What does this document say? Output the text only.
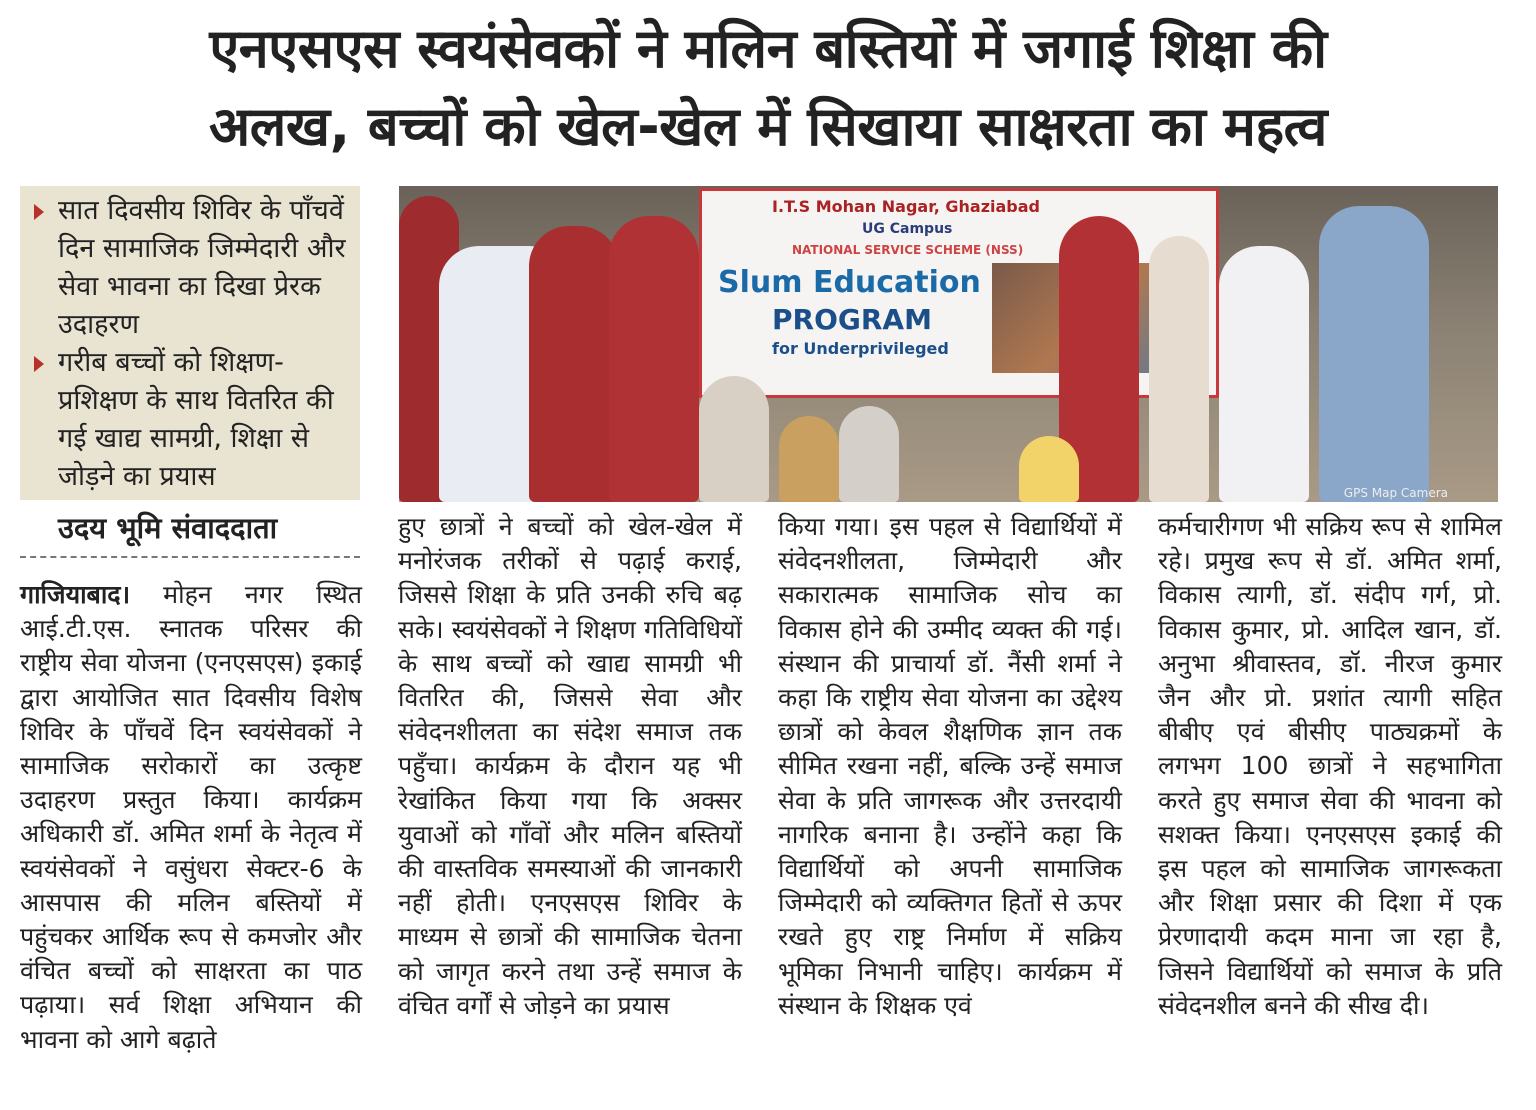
एनएसएस स्वयंसेवकों ने मलिन बस्तियों में जगाई शिक्षा की
अलख, बच्चों को खेल-खेल में सिखाया साक्षरता का महत्व
सात दिवसीय शिविर के पाँचवें दिन सामाजिक जिम्मेदारी और सेवा भावना का दिखा प्रेरक उदाहरण
गरीब बच्चों को शिक्षण-प्रशिक्षण के साथ वितरित की गई खाद्य सामग्री, शिक्षा से जोड़ने का प्रयास
उदय भूमि संवाददाता
I.T.S Mohan Nagar, Ghaziabad
UG Campus
NATIONAL SERVICE SCHEME (NSS)
Slum Education
PROGRAM
for Underprivileged
GPS Map Camera
गाजियाबाद। मोहन नगर स्थित आई.टी.एस. स्नातक परिसर की राष्ट्रीय सेवा योजना (एनएसएस) इकाई द्वारा आयोजित सात दिवसीय विशेष शिविर के पाँचवें दिन स्वयंसेवकों ने सामाजिक सरोकारों का उत्कृष्ट उदाहरण प्रस्तुत किया। कार्यक्रम अधिकारी डॉ. अमित शर्मा के नेतृत्व में स्वयंसेवकों ने वसुंधरा सेक्टर-6 के आसपास की मलिन बस्तियों में पहुंचकर आर्थिक रूप से कमजोर और वंचित बच्चों को साक्षरता का पाठ पढ़ाया। सर्व शिक्षा अभियान की भावना को आगे बढ़ाते
हुए छात्रों ने बच्चों को खेल-खेल में मनोरंजक तरीकों से पढ़ाई कराई, जिससे शिक्षा के प्रति उनकी रुचि बढ़ सके। स्वयंसेवकों ने शिक्षण गतिविधियों के साथ बच्चों को खाद्य सामग्री भी वितरित की, जिससे सेवा और संवेदनशीलता का संदेश समाज तक पहुँचा। कार्यक्रम के दौरान यह भी रेखांकित किया गया कि अक्सर युवाओं को गाँवों और मलिन बस्तियों की वास्तविक समस्याओं की जानकारी नहीं होती। एनएसएस शिविर के माध्यम से छात्रों की सामाजिक चेतना को जागृत करने तथा उन्हें समाज के वंचित वर्गों से जोड़ने का प्रयास
किया गया। इस पहल से विद्यार्थियों में संवेदनशीलता, जिम्मेदारी और सकारात्मक सामाजिक सोच का विकास होने की उम्मीद व्यक्त की गई। संस्थान की प्राचार्या डॉ. नैंसी शर्मा ने कहा कि राष्ट्रीय सेवा योजना का उद्देश्य छात्रों को केवल शैक्षणिक ज्ञान तक सीमित रखना नहीं, बल्कि उन्हें समाज सेवा के प्रति जागरूक और उत्तरदायी नागरिक बनाना है। उन्होंने कहा कि विद्यार्थियों को अपनी सामाजिक जिम्मेदारी को व्यक्तिगत हितों से ऊपर रखते हुए राष्ट्र निर्माण में सक्रिय भूमिका निभानी चाहिए। कार्यक्रम में संस्थान के शिक्षक एवं
कर्मचारीगण भी सक्रिय रूप से शामिल रहे। प्रमुख रूप से डॉ. अमित शर्मा, विकास त्यागी, डॉ. संदीप गर्ग, प्रो. विकास कुमार, प्रो. आदिल खान, डॉ. अनुभा श्रीवास्तव, डॉ. नीरज कुमार जैन और प्रो. प्रशांत त्यागी सहित बीबीए एवं बीसीए पाठ्यक्रमों के लगभग 100 छात्रों ने सहभागिता करते हुए समाज सेवा की भावना को सशक्त किया। एनएसएस इकाई की इस पहल को सामाजिक जागरूकता और शिक्षा प्रसार की दिशा में एक प्रेरणादायी कदम माना जा रहा है, जिसने विद्यार्थियों को समाज के प्रति संवेदनशील बनने की सीख दी।
